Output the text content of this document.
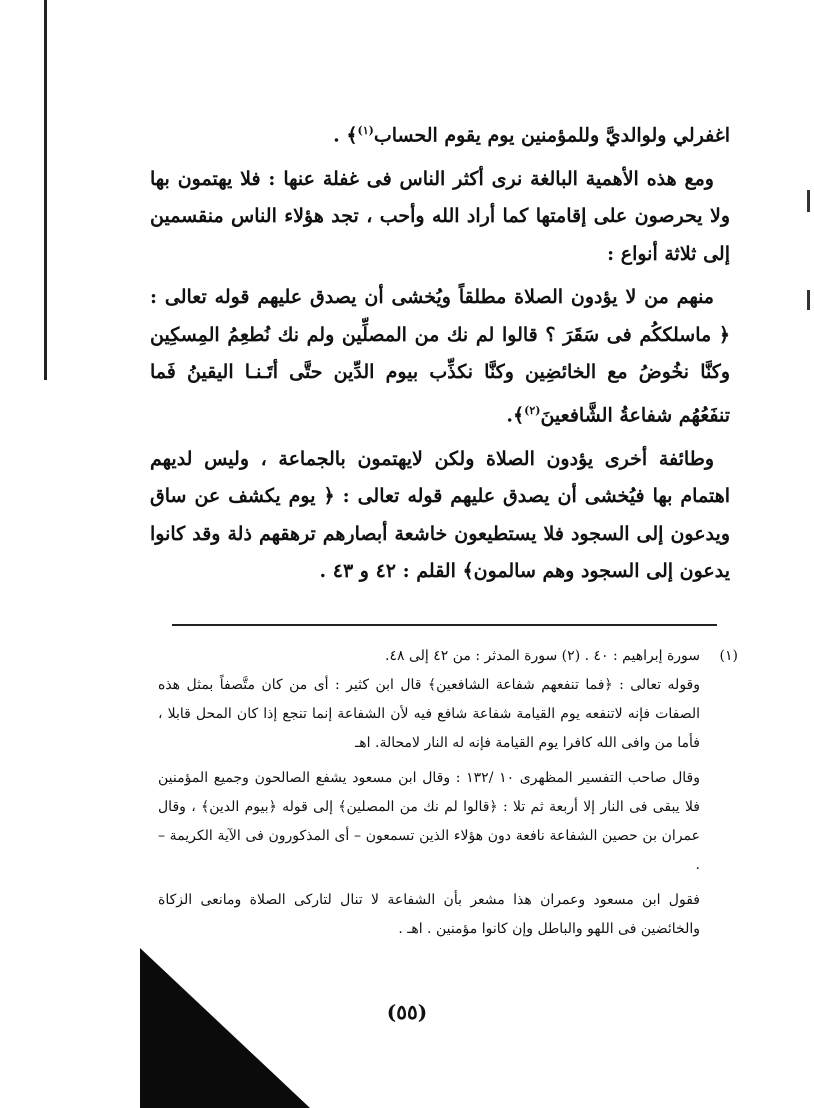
اغفرلي ولوالديَّ وللمؤمنين يوم يقوم الحساب$^{(١)}$﴾ .

ومع هذه الأهمية البالغة نرى أكثر الناس فى غفلة عنها : فلا يهتمون بها ولا يحرصون على إقامتها كما أراد الله وأحب ، تجد هؤلاء الناس منقسمين إلى ثلاثة أنواع :

منهم من لا يؤدون الصلاة مطلقاً ويُخشى أن يصدق عليهم قوله تعالى : ﴿ ماسلككُم فى سَقَرَ ؟ قالوا لم نك من المصلِّين ولم نك نُطعِمُ المِسكِين وكنَّا نخُوضُ مع الخائضِين وكنَّا نكذِّب بيوم الدِّين حتَّى أتَـنـا اليقينُ فَما تنفَعُهُم شفاعةُ الشَّافعينَ$^{(٢)}$﴾.

وطائفة أخرى يؤدون الصلاة ولكن لايهتمون بالجماعة ، وليس لديهم اهتمام بها فيُخشى أن يصدق عليهم قوله تعالى : ﴿ يوم يكشف عن ساق ويدعون إلى السجود فلا يستطيعون خاشعة أبصارهم ترهقهم ذلة وقد كانوا يدعون إلى السجود وهم سالمون﴾ القلم : ٤٢ و ٤٣ .

(١)
سورة إبراهيم : ٤٠ . (٢) سورة المدثر : من ٤٢ إلى ٤٨.

وقوله تعالى : ﴿فما تنفعهم شفاعة الشافعين﴾ قال ابن كثير : أى من كان متَّصفاً بمثل هذه الصفات فإنه لاتنفعه يوم القيامة شفاعة شافع فيه لأن الشفاعة إنما تنجع إذا كان المحل قابلا ، فأما من وافى الله كافرا يوم القيامة فإنه له النار لامحالة. اهـ

وقال صاحب التفسير المظهرى ١٠ /١٣٢ : وقال ابن مسعود يشفع الصالحون وجميع المؤمنين فلا يبقى فى النار إلا أربعة ثم تلا : ﴿قالوا لم نك من المصلين﴾ إلى قوله ﴿بيوم الدين﴾ ، وقال عمران بن حصين الشفاعة نافعة دون هؤلاء الذين تسمعون – أى المذكورون فى الآية الكريمة – .

فقول ابن مسعود وعمران هذا مشعر بأن الشفاعة لا تنال لتاركى الصلاة ومانعى الزكاة والخائضين فى اللهو والباطل وإن كانوا مؤمنين . اهـ .

(٥٥)
